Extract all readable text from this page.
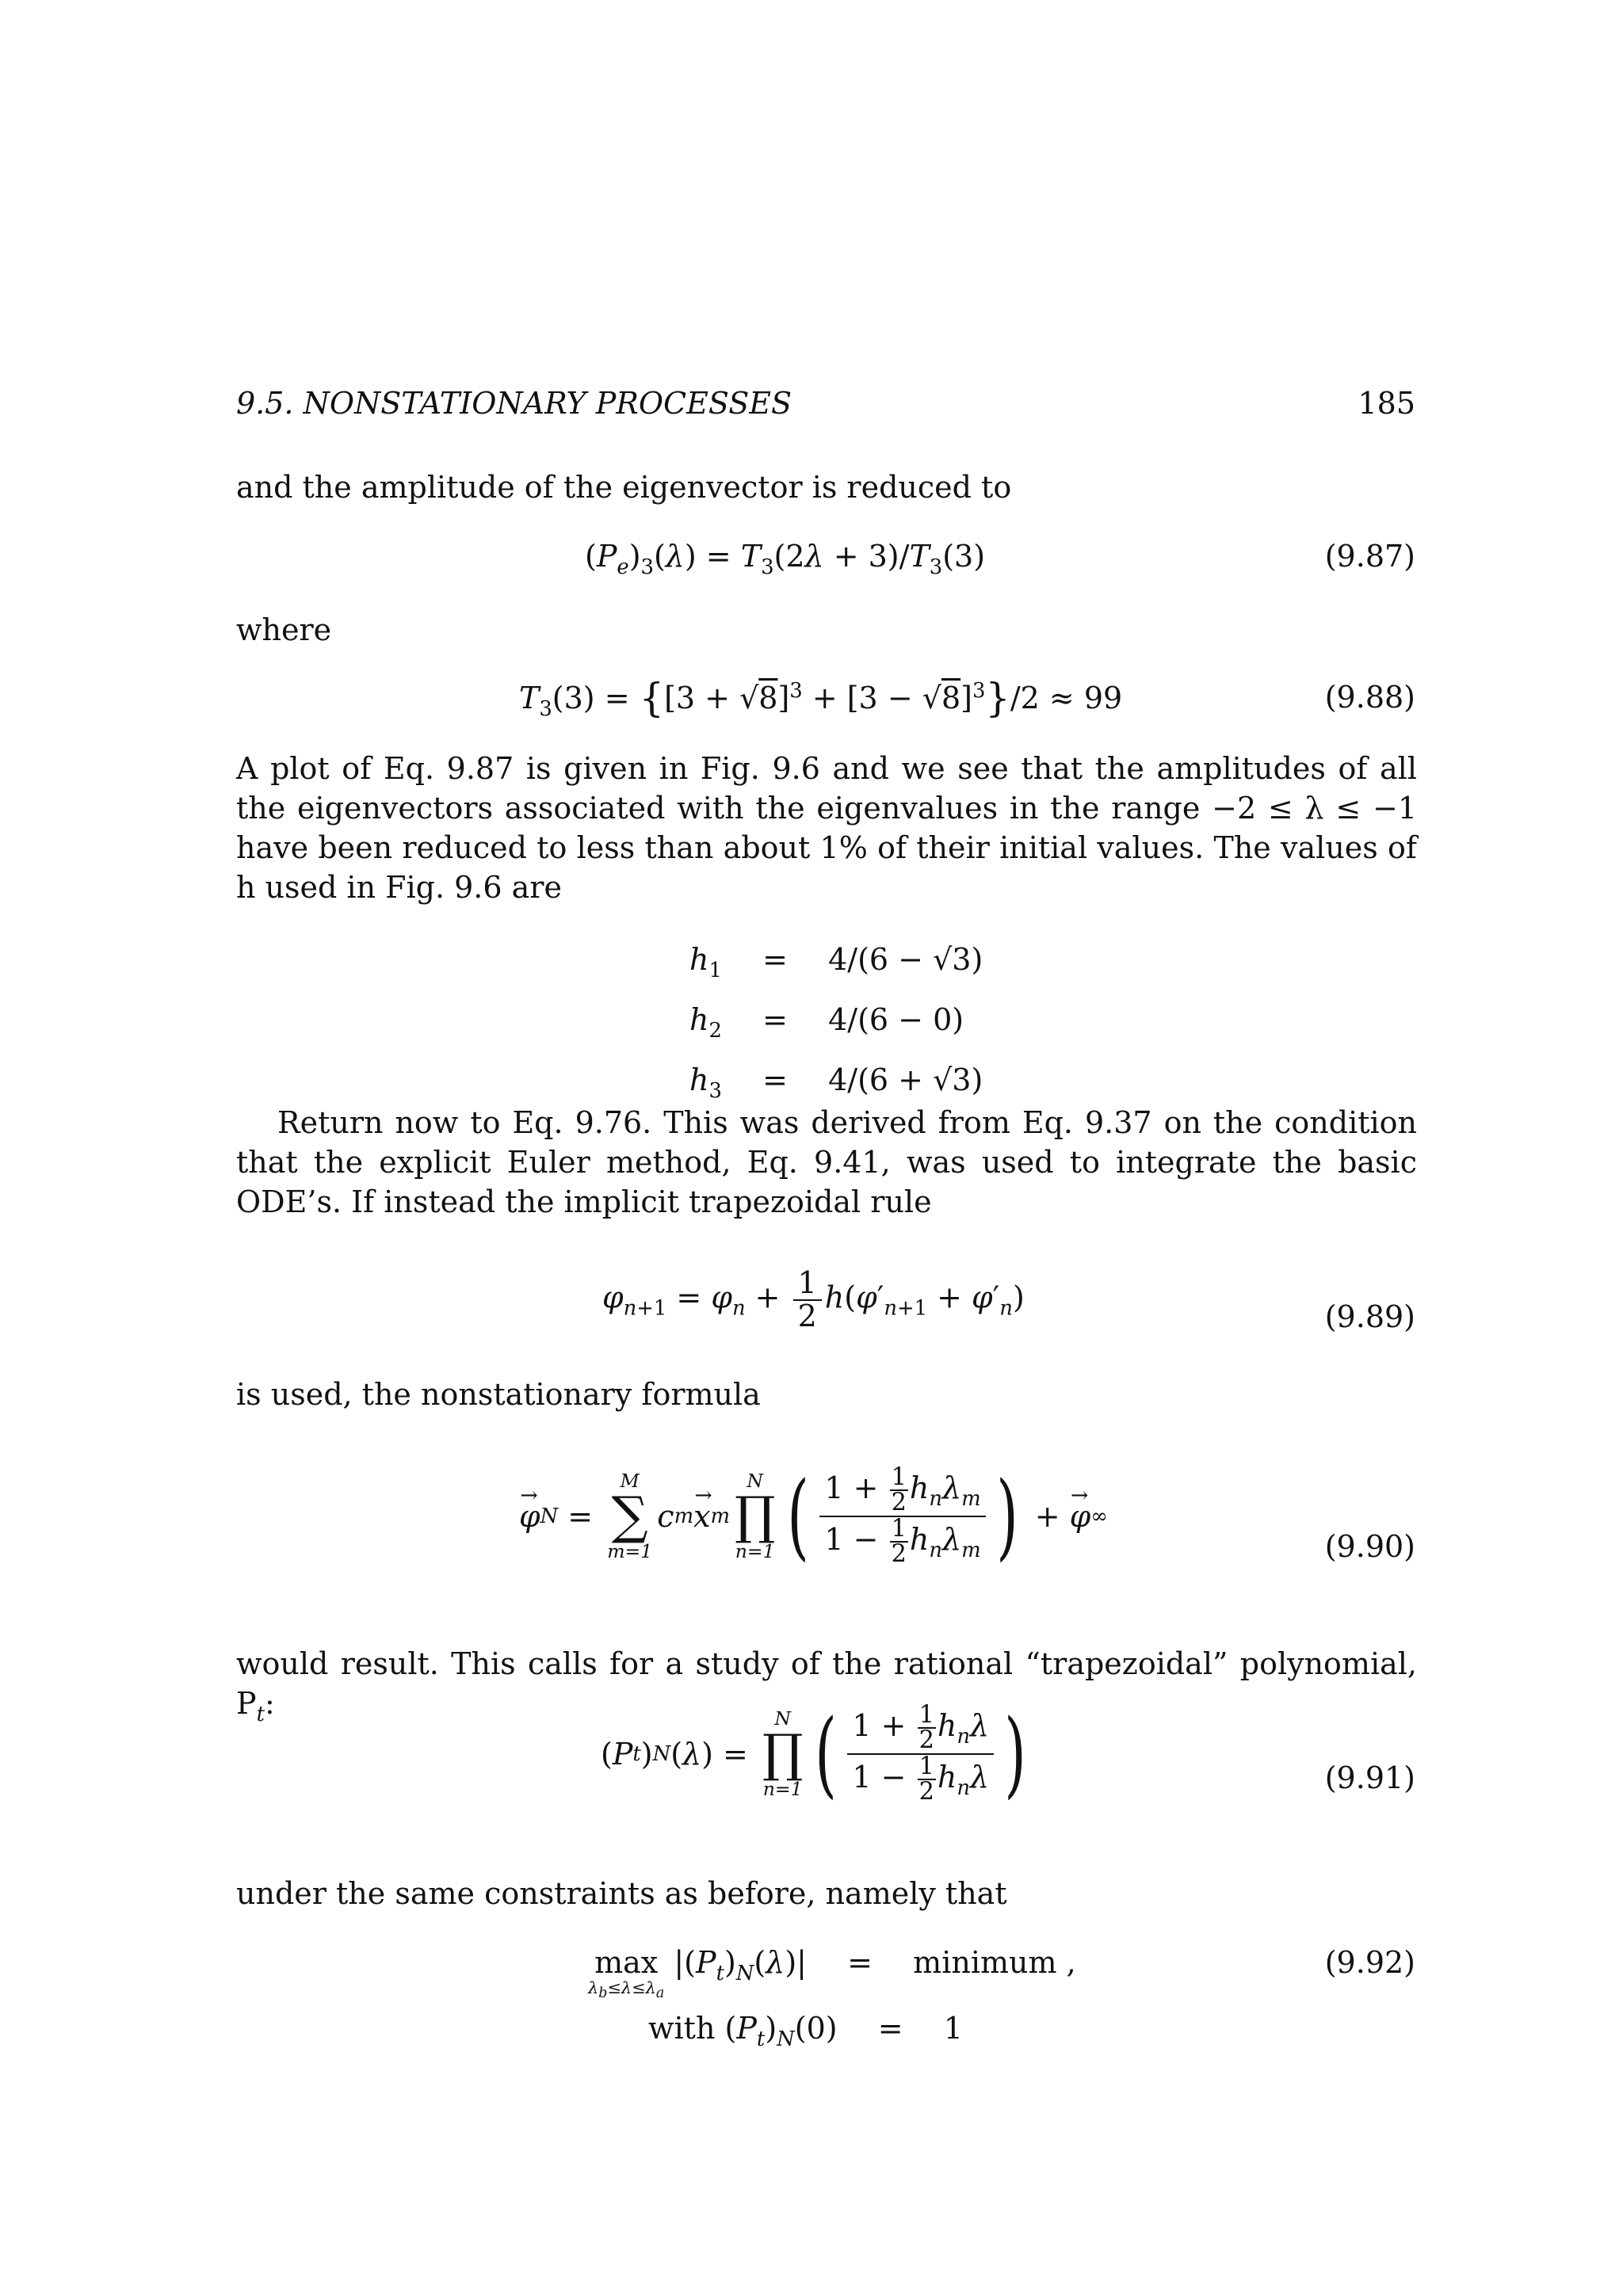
9.5. NONSTATIONARY PROCESSES	185
and the amplitude of the eigenvector is reduced to
$(P_e)_3(\lambda) = T_3(2\lambda + 3)/T_3(3)$	(9.87)
where
$T_3(3) = \{[3 + √8]^3 + [3 - √8]^3\}/2 \approx 99$	(9.88)
A plot of Eq. 9.87 is given in Fig. 9.6 and we see that the amplitudes of all the eigenvectors associated with the eigenvalues in the range −2 ≤ λ ≤ −1 have been reduced to less than about 1% of their initial values. The values of h used in Fig. 9.6 are
$h_1 = 4/(6 - √3)$
$h_2 = 4/(6 - 0)$
$h_3 = 4/(6 + √3)$
Return now to Eq. 9.76. This was derived from Eq. 9.37 on the condition that the explicit Euler method, Eq. 9.41, was used to integrate the basic ODE’s. If instead the implicit trapezoidal rule
$\varphi_{n+1} = \varphi_n + \frac{1}{2} h(\varphi'_{n+1} + \varphi'_n)$
(9.89)
is used, the nonstationary formula
→ φ N =
M
∑
m=1
c m → x m
N
∏
n=1 ( $\frac{1 + \frac{1}{2} h_n\lambda_m}{1 - \frac{1}{2} h_n\lambda_m}$ ) + → φ ∞
(9.90)
would result. This calls for a study of the rational “trapezoidal” polynomial, $P_t$:
( P t ) N ( λ ) =
N
∏
n=1 ( $\frac{1 + \frac{1}{2} h_n\lambda}{1 - \frac{1}{2} h_n\lambda}$ )	(9.91)
under the same constraints as before, namely that
max
$\lambda_b\le\lambda\le\lambda_a$
$|(P_t)_N(\lambda)|$ = minimum ,
with $(P_t)_N(0) = 1$
(9.92)
